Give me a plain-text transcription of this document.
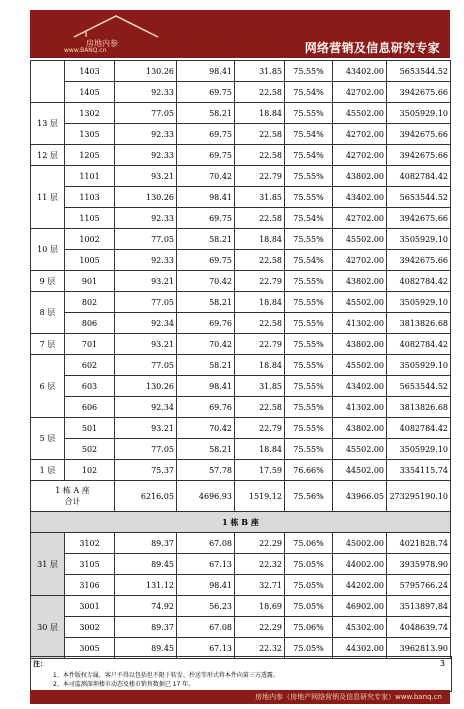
房地内参
www.BANQ.cn	网络营销及信息研究专家
	1403	130.26	98.41	31.85	75.55%	43402.00	5653544.52
	1405	92.33	69.75	22.58	75.54%	42702.00	3942675.66
13 层	1302	77.05	58.21	18.84	75.55%	45502.00	3505929.10
	1305	92.33	69.75	22.58	75.54%	42702.00	3942675.66
12 层	1205	92.33	69.75	22.58	75.54%	42702.00	3942675.66
11 层	1101	93.21	70.42	22.79	75.55%	43802.00	4082784.42
	1103	130.26	98.41	31.85	75.55%	43402.00	5653544.52
	1105	92.33	69.75	22.58	75.54%	42702.00	3942675.66
10 层	1002	77.05	58.21	18.84	75.55%	45502.00	3505929.10
	1005	92.33	69.75	22.58	75.54%	42702.00	3942675.66
9 层	901	93.21	70.42	22.79	75.55%	43802.00	4082784.42
8 层	802	77.05	58.21	18.84	75.55%	45502.00	3505929.10
	806	92.34	69.76	22.58	75.55%	41302.00	3813826.68
7 层	701	93.21	70.42	22.79	75.55%	43802.00	4082784.42
6 层	602	77.05	58.21	18.84	75.55%	45502.00	3505929.10
	603	130.26	98.41	31.85	75.55%	43402.00	5653544.52
	606	92.34	69.76	22.58	75.55%	41302.00	3813826.68
5 层	501	93.21	70.42	22.79	75.55%	43802.00	4082784.42
	502	77.05	58.21	18.84	75.55%	45502.00	3505929.10
1 层	102	75.37	57.78	17.59	76.66%	44502.00	3354115.74

1 栋 A 座
合计		6216.05	4696.93	1519.12	75.56%	43966.05	273295190.10
1 栋 B 座							
31 层	3102	89.37	67.08	22.29	75.06%	45002.00	4021828.74
	3105	89.45	67.13	22.32	75.05%	44002.00	3935978.90
	3106	131.12	98.41	32.71	75.05%	44202.00	5795766.24
30 层	3001	74.92	56.23	18.69	75.05%	46902.00	3513897.84
	3002	89.37	67.08	22.29	75.06%	45302.00	4048639.74
	3005	89.45	67.13	22.32	75.05%	44302.00	3962813.90
注：
1、本件版权专属，客户不得以包括但不限于转发、抄送等形式将本件向第三方透露。
2、本司监测深圳楼市动态及楼市销售数据已 17 年。
3
房地内参（房地产网络营销及信息研究专家）www.banq.cn
